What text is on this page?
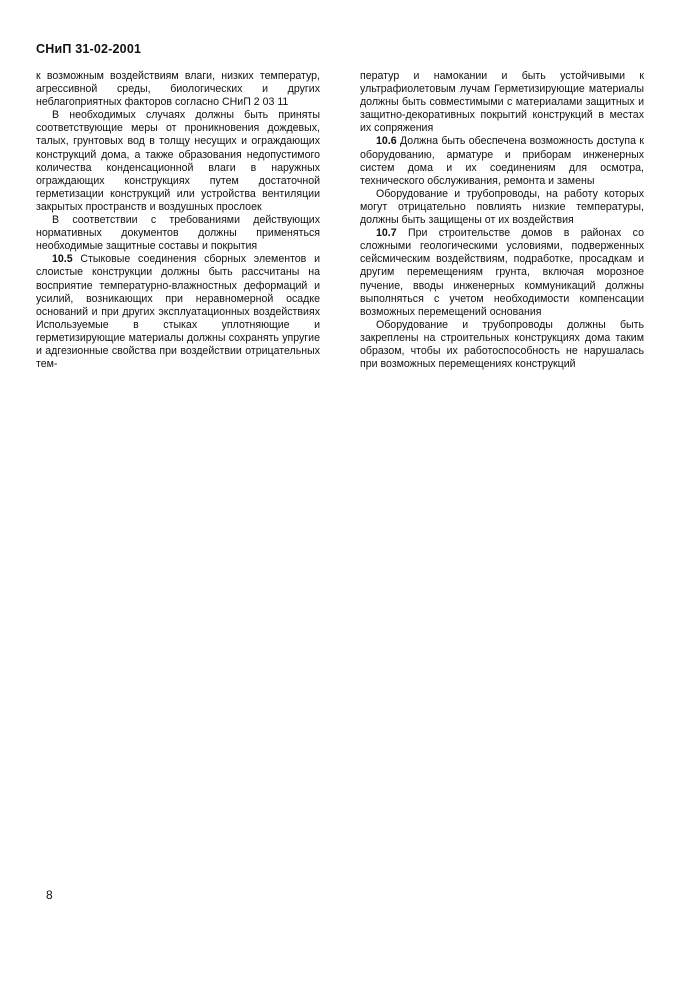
СНиП 31-02-2001

к возможным воздействиям влаги, низких температур, агрессивной среды, биологических и других неблагоприятных факторов согласно СНиП 2 03 11

В необходимых случаях должны быть приняты соответствующие меры от проникновения дождевых, талых, грунтовых вод в толщу несущих и ограждающих конструкций дома, а также образования недопустимого количества конденсационной влаги в наружных ограждающих конструкциях путем достаточной герметизации конструкций или устройства вентиляции закрытых пространств и воздушных прослоек

В соответствии с требованиями действующих нормативных документов должны применяться необходимые защитные составы и покрытия

10.5 Стыковые соединения сборных элементов и слоистые конструкции должны быть рассчитаны на восприятие температурно-влажностных деформаций и усилий, возникающих при неравномерной осадке оснований и при других эксплуатационных воздействиях Используемые в стыках уплотняющие и герметизирующие материалы должны сохранять упругие и адгезионные свойства при воздействии отрицательных тем-

ператур и намокании и быть устойчивыми к ультрафиолетовым лучам Герметизирующие материалы должны быть совместимыми с материалами защитных и защитно-декоративных покрытий конструкций в местах их сопряжения

10.6 Должна быть обеспечена возможность доступа к оборудованию, арматуре и приборам инженерных систем дома и их соединениям для осмотра, технического обслуживания, ремонта и замены

Оборудование и трубопроводы, на работу которых могут отрицательно повлиять низкие температуры, должны быть защищены от их воздействия

10.7 При строительстве домов в районах со сложными геологическими условиями, подверженных сейсмическим воздействиям, подработке, просадкам и другим перемещениям грунта, включая морозное пучение, вводы инженерных коммуникаций должны выполняться с учетом необходимости компенсации возможных перемещений основания

Оборудование и трубопроводы должны быть закреплены на строительных конструкциях дома таким образом, чтобы их работоспособность не нарушалась при возможных перемещениях конструкций

8
